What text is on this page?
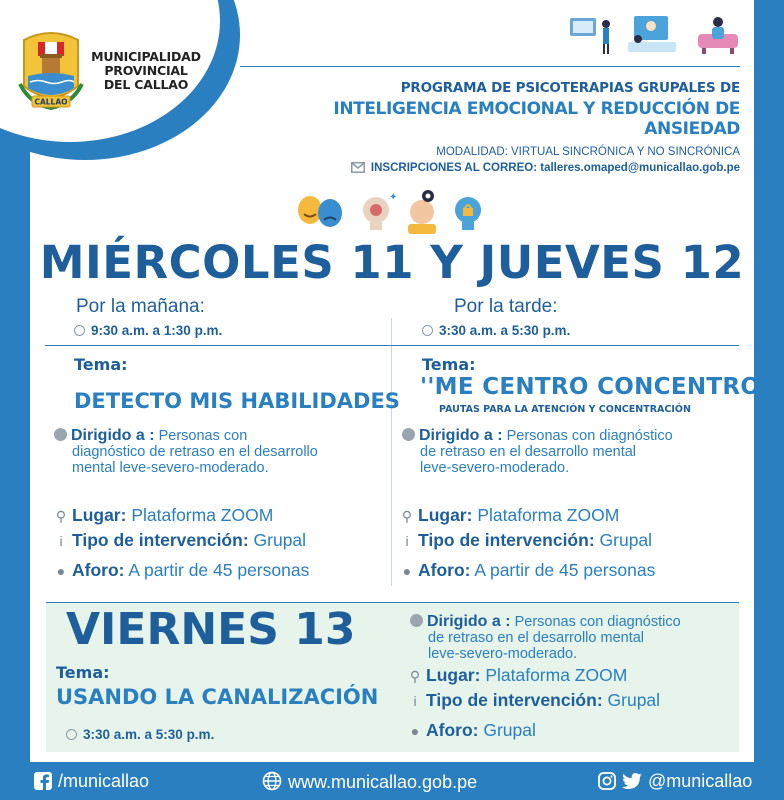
CALLAO
MUNICIPALIDAD
PROVINCIAL
DEL CALLAO	PROGRAMA DE PSICOTERAPIAS GRUPALES DE
INTELIGENCIA EMOCIONAL Y REDUCCIÓN DE ANSIEDAD
MODALIDAD: VIRTUAL SINCRÓNICA Y NO SINCRÓNICA
INSCRIPCIONES AL CORREO: talleres.omaped@municallao.gob.pe
✦
MIÉRCOLES 11 Y JUEVES 12
Por la mañana:
9:30 a.m. a 1:30 p.m.
Por la tarde:
3:30 a.m. a 5:30 p.m.
Tema:
DETECTO MIS HABILIDADES
Dirigido a : Personas con
diagnóstico de retraso en el desarrollo
mental leve-severo-moderado.
⚲ Lugar: Plataforma ZOOM
i Tipo de intervención: Grupal
● Aforo: A partir de 45 personas
Tema:
''ME CENTRO CONCENTRO''
PAUTAS PARA LA ATENCIÓN Y CONCENTRACIÓN
Dirigido a : Personas con diagnóstico
de retraso en el desarrollo mental
leve-severo-moderado.
⚲ Lugar: Plataforma ZOOM
i Tipo de intervención: Grupal
● Aforo: A partir de 45 personas
VIERNES 13
Tema:
USANDO LA CANALIZACIÓN
3:30 a.m. a 5:30 p.m.
Dirigido a : Personas con diagnóstico
de retraso en el desarrollo mental
leve-severo-moderado.
⚲ Lugar: Plataforma ZOOM
i Tipo de intervención: Grupal
● Aforo: Grupal
/municallao	www.municallao.gob.pe	@municallao
